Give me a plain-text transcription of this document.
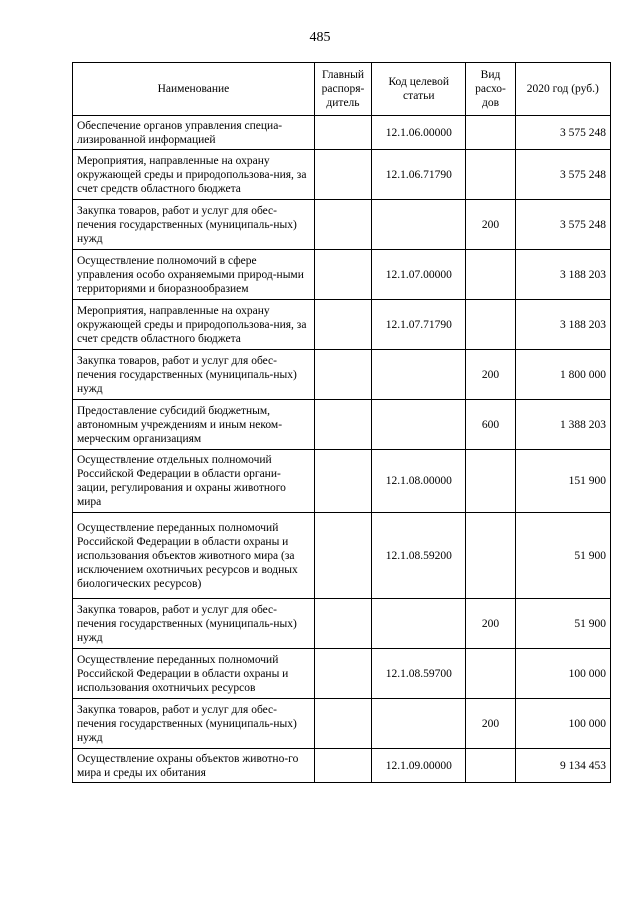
485
Наименование	Главный распоря-дитель	Код целевой статьи	Вид расхо-дов	2020 год (руб.)
Обеспечение органов управления специа-лизированной информацией		12.1.06.00000		3 575 248
Мероприятия, направленные на охрану окружающей среды и природопользова-ния, за счет средств областного бюджета		12.1.06.71790		3 575 248
Закупка товаров, работ и услуг для обес-печения государственных (муниципаль-ных) нужд			200	3 575 248
Осуществление полномочий в сфере управления особо охраняемыми природ-ными территориями и биоразнообразием		12.1.07.00000		3 188 203
Мероприятия, направленные на охрану окружающей среды и природопользова-ния, за счет средств областного бюджета		12.1.07.71790		3 188 203
Закупка товаров, работ и услуг для обес-печения государственных (муниципаль-ных) нужд			200	1 800 000
Предоставление субсидий бюджетным, автономным учреждениям и иным неком-мерческим организациям			600	1 388 203
Осуществление отдельных полномочий Российской Федерации в области органи-зации, регулирования и охраны животного мира		12.1.08.00000		151 900
Осуществление переданных полномочий Российской Федерации в области охраны и использования объектов животного мира (за исключением охотничьих ресурсов и водных биологических ресурсов)		12.1.08.59200		51 900
Закупка товаров, работ и услуг для обес-печения государственных (муниципаль-ных) нужд			200	51 900
Осуществление переданных полномочий Российской Федерации в области охраны и использования охотничьих ресурсов		12.1.08.59700		100 000
Закупка товаров, работ и услуг для обес-печения государственных (муниципаль-ных) нужд			200	100 000
Осуществление охраны объектов животно-го мира и среды их обитания		12.1.09.00000		9 134 453
